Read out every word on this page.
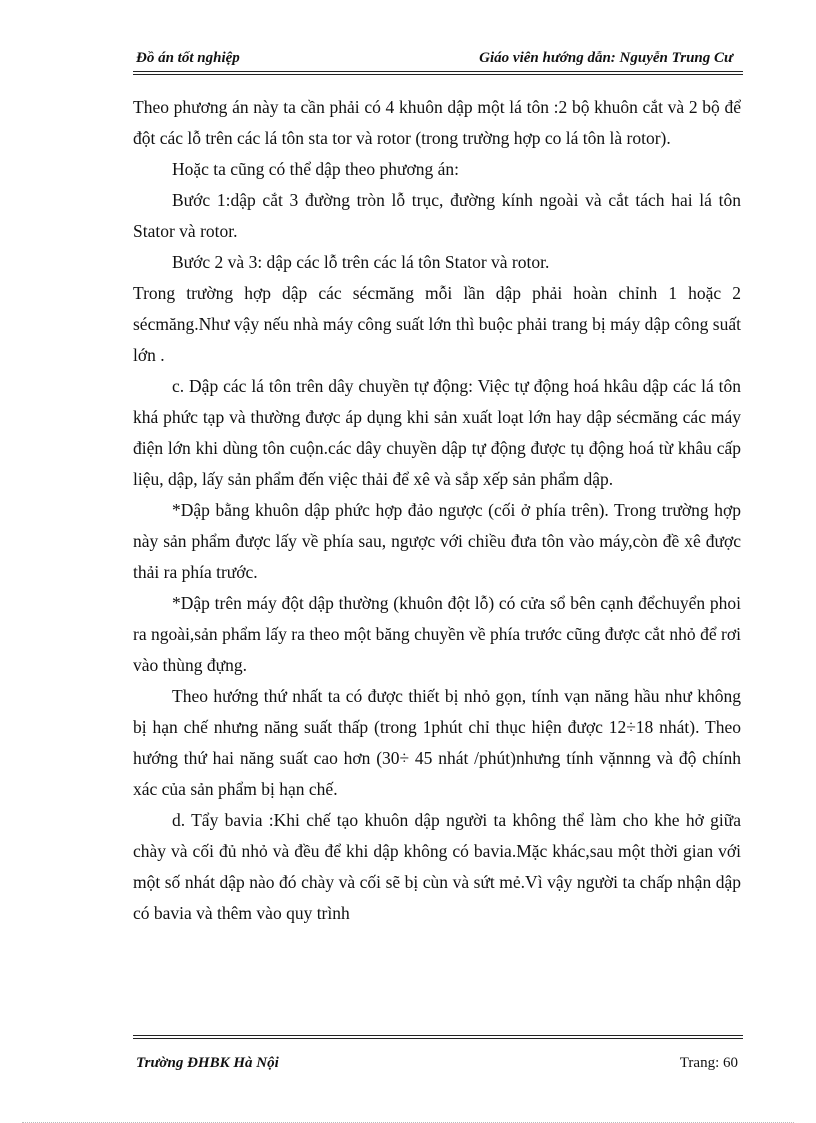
Đồ án tốt nghiệp	Giáo viên hướng dẫn: Nguyễn Trung Cư

Theo phương án này ta cần phải có 4 khuôn dập một lá tôn :2 bộ khuôn cắt và 2 bộ để đột các lỗ trên các lá tôn sta tor và rotor (trong trường hợp co lá tôn là rotor).

Hoặc ta cũng có thể dập theo phương án:

Bước 1:dập cắt 3 đường tròn lỗ trục, đường kính ngoài và cắt tách hai lá tôn Stator và rotor.

Bước 2 và 3: dập các lỗ trên các lá tôn Stator và rotor.

Trong trường hợp dập các sécmăng mỗi lần dập phải hoàn chỉnh 1 hoặc 2 sécmăng.Như vậy nếu nhà máy công suất lớn thì buộc phải trang bị máy dập công suất lớn .

c. Dập các lá tôn trên dây chuyền tự động: Việc tự động hoá hkâu dập các lá tôn khá phức tạp và thường được áp dụng khi sản xuất loạt lớn hay dập sécmăng các máy điện lớn khi dùng tôn cuộn.các dây chuyền dập tự động được tụ động hoá từ khâu cấp liệu, dập, lấy sản phẩm đến việc thải để xê và sắp xếp sản phẩm dập.

*Dập bằng khuôn dập phức hợp đảo ngược (cối ở phía trên). Trong trường hợp này sản phẩm được lấy về phía sau, ngược với chiều đưa tôn vào máy,còn đề xê được thải ra phía trước.

*Dập trên máy đột dập thường (khuôn đột lỗ) có cửa sổ bên cạnh đểchuyển phoi ra ngoài,sản phẩm lấy ra theo một băng chuyền về phía trước cũng được cắt nhỏ để rơi vào thùng đựng.

Theo hướng thứ nhất ta có được thiết bị nhỏ gọn, tính vạn năng hầu như không bị hạn chế nhưng năng suất thấp (trong 1phút chỉ thục hiện được 12÷18 nhát). Theo hướng thứ hai năng suất cao hơn (30÷ 45 nhát /phút)nhưng tính vặnnng và độ chính xác của sản phẩm bị hạn chế.

d. Tẩy bavia :Khi chế tạo khuôn dập người ta không thể làm cho khe hở giữa chày và cối đủ nhỏ và đều để khi dập không có bavia.Mặc khác,sau một thời gian với một số nhát dập nào đó chày và cối sẽ bị cùn và sứt mẻ.Vì vậy người ta chấp nhận dập có bavia và thêm vào quy trình

Trường ĐHBK Hà Nội	Trang: 60
